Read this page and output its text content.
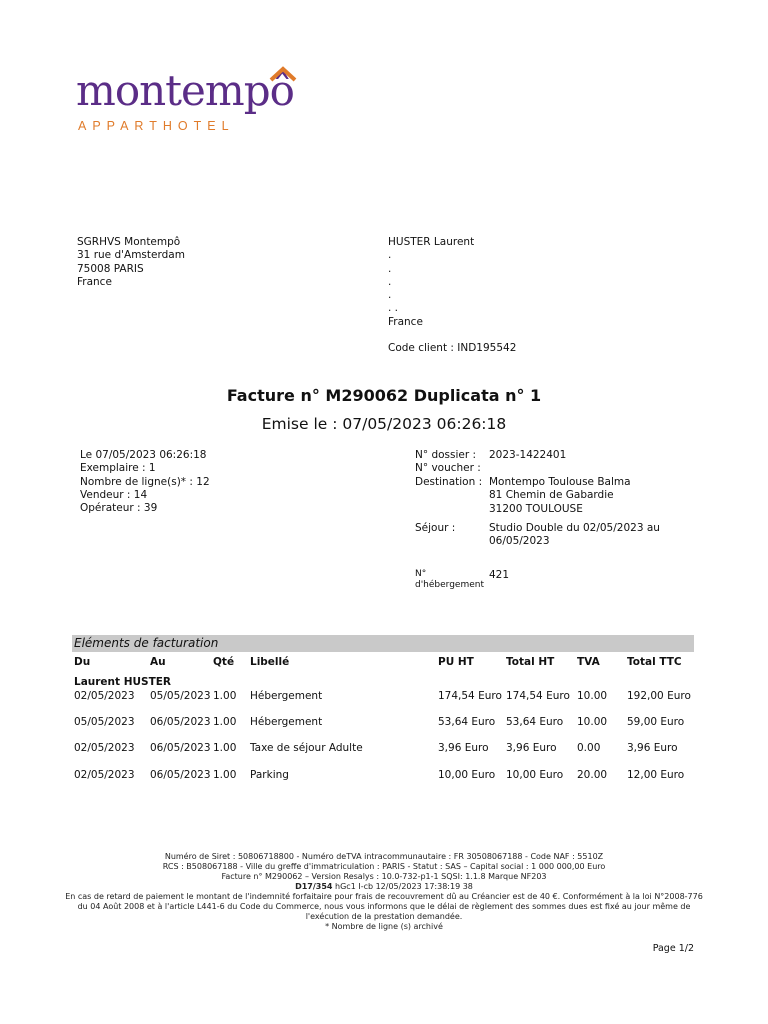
montempô
APPARTHOTEL
SGRHVS Montempô
31 rue d'Amsterdam
75008 PARIS
France
HUSTER Laurent
.
.
.
.
. .
France
Code client : IND195542
Facture n° M290062 Duplicata n° 1
Emise le : 07/05/2023 06:26:18
Le 07/05/2023 06:26:18
Exemplaire : 1
Nombre de ligne(s)* : 12
Vendeur : 14
Opérateur : 39
N° dossier : 2023-1422401
N° voucher :
Destination : Montempo Toulouse Balma
81 Chemin de Gabardie
31200 TOULOUSE
Séjour :	Studio Double du 02/05/2023 au
06/05/2023
N°
d'hébergement
421
Eléments de facturation
Du	Au	Qté Libellé	PU HT	Total HT TVA	Total TTC
Laurent HUSTER
02/05/2023 05/05/2023 1.00 Hébergement	174,54 Euro 174,54 Euro 10.00 192,00 Euro
05/05/2023 06/05/2023 1.00 Hébergement	53,64 Euro 53,64 Euro 10.00 59,00 Euro
02/05/2023 06/05/2023 1.00 Taxe de séjour Adulte	3,96 Euro 3,96 Euro 0.00	3,96 Euro
02/05/2023 06/05/2023 1.00 Parking	10,00 Euro 10,00 Euro 20.00 12,00 Euro
Numéro de Siret : 50806718800 - Numéro deTVA intracommunautaire : FR 30508067188 - Code NAF : 5510Z
RCS : B508067188 - Ville du greffe d'immatriculation : PARIS - Statut : SAS – Capital social : 1 000 000,00 Euro
Facture n° M290062 – Version Resalys : 10.0-732-p1-1 SQSI: 1.1.8 Marque NF203
D17/354 hGc1 I-cb 12/05/2023 17:38:19 38
En cas de retard de paiement le montant de l'indemnité forfaitaire pour frais de recouvrement dû au Créancier est de 40 €. Conformément à la loi N°2008-776 du 04 Août 2008 et à l'article L441-6 du Code du Commerce, nous vous informons que le délai de règlement des sommes dues est fixé au jour même de l'exécution de la prestation demandée.
* Nombre de ligne (s) archivé
Page 1/2
